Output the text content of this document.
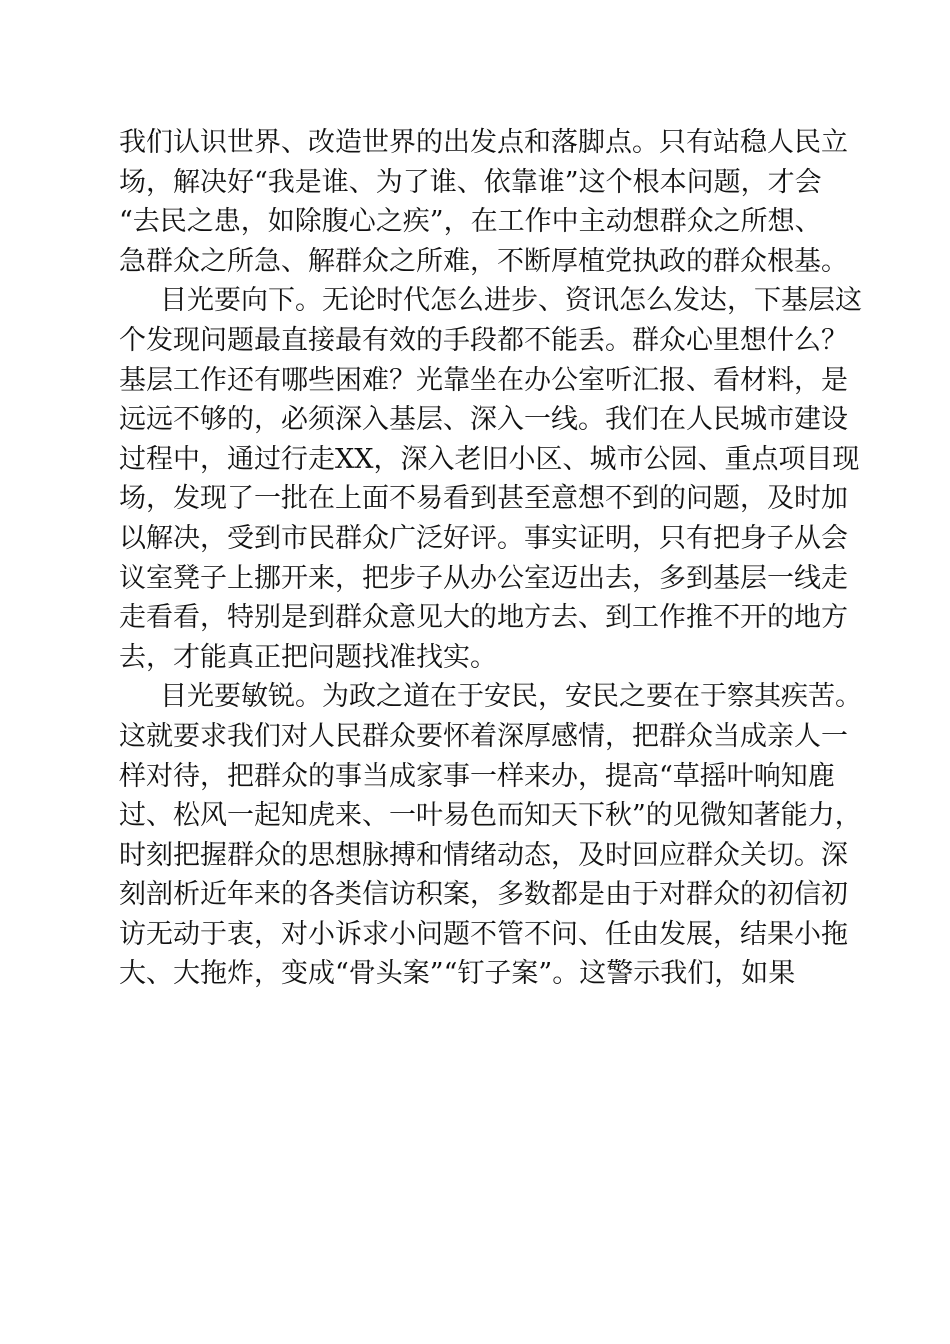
我们认识世界、改造世界的出发点和落脚点。只有站稳人民立
场，解决好“我是谁、为了谁、依靠谁”这个根本问题，才会
“去民之患，如除腹心之疾”，在工作中主动想群众之所想、
急群众之所急、解群众之所难，不断厚植党执政的群众根基。
目光要向下。无论时代怎么进步、资讯怎么发达，下基层这
个发现问题最直接最有效的手段都不能丢。群众心里想什么？
基层工作还有哪些困难？光靠坐在办公室听汇报、看材料，是
远远不够的，必须深入基层、深入一线。我们在人民城市建设
过程中，通过行走XX，深入老旧小区、城市公园、重点项目现
场，发现了一批在上面不易看到甚至意想不到的问题，及时加
以解决，受到市民群众广泛好评。事实证明，只有把身子从会
议室凳子上挪开来，把步子从办公室迈出去，多到基层一线走
走看看，特别是到群众意见大的地方去、到工作推不开的地方
去，才能真正把问题找准找实。
目光要敏锐。为政之道在于安民，安民之要在于察其疾苦。
这就要求我们对人民群众要怀着深厚感情，把群众当成亲人一
样对待，把群众的事当成家事一样来办，提高“草摇叶响知鹿
过、松风一起知虎来、一叶易色而知天下秋”的见微知著能力，
时刻把握群众的思想脉搏和情绪动态，及时回应群众关切。深
刻剖析近年来的各类信访积案，多数都是由于对群众的初信初
访无动于衷，对小诉求小问题不管不问、任由发展，结果小拖
大、大拖炸，变成“骨头案”“钉子案”。这警示我们，如果
